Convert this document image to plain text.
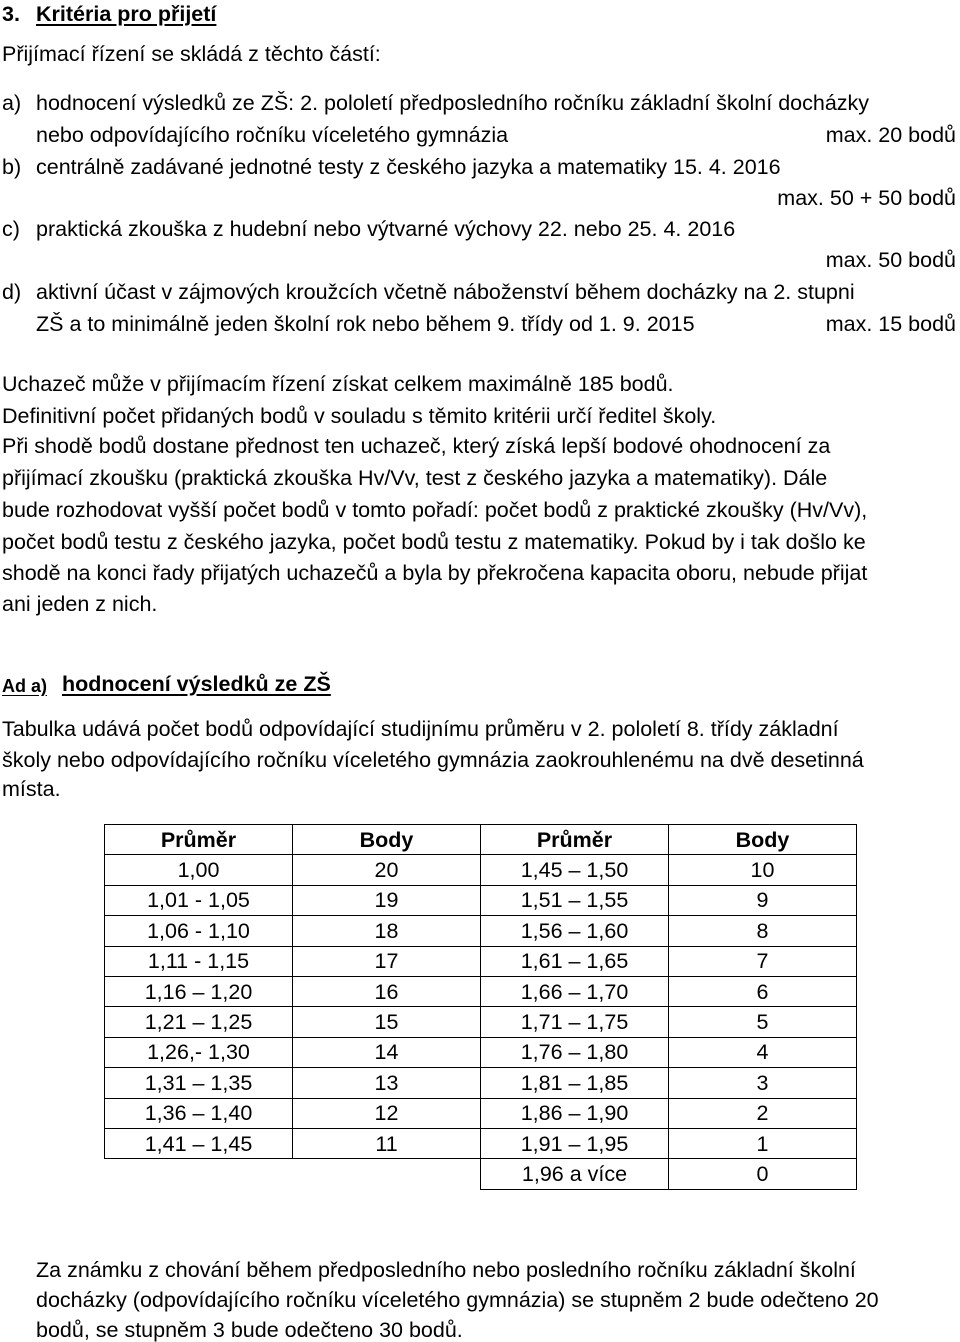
3. Kritéria pro přijetí
Přijímací řízení se skládá z těchto částí:
a) hodnocení výsledků ze ZŠ: 2. pololetí předposledního ročníku základní školní docházky
nebo odpovídajícího ročníku víceletého gymnázia	max. 20 bodů
b) centrálně zadávané jednotné testy z českého jazyka a matematiky 15. 4. 2016
max. 50 + 50 bodů
c) praktická zkouška z hudební nebo výtvarné výchovy 22. nebo 25. 4. 2016
max. 50 bodů
d) aktivní účast v zájmových kroužcích včetně náboženství během docházky na 2. stupni
ZŠ a to minimálně jeden školní rok nebo během 9. třídy od 1. 9. 2015	max. 15 bodů
Uchazeč může v přijímacím řízení získat celkem maximálně 185 bodů.
Definitivní počet přidaných bodů v souladu s těmito kritérii určí ředitel školy.
Při shodě bodů dostane přednost ten uchazeč, který získá lepší bodové ohodnocení za
přijímací zkoušku (praktická zkouška Hv/Vv, test z českého jazyka a matematiky). Dále
bude rozhodovat vyšší počet bodů v tomto pořadí: počet bodů z praktické zkoušky (Hv/Vv),
počet bodů testu z českého jazyka, počet bodů testu z matematiky. Pokud by i tak došlo ke
shodě na konci řady přijatých uchazečů a byla by překročena kapacita oboru, nebude přijat
ani jeden z nich.
Ad a) hodnocení výsledků ze ZŠ
Tabulka udává počet bodů odpovídající studijnímu průměru v 2. pololetí 8. třídy základní
školy nebo odpovídajícího ročníku víceletého gymnázia zaokrouhlenému na dvě desetinná
místa.
Průměr	Body	Průměr	Body
1,00	20	1,45 – 1,50	10
1,01 - 1,05	19	1,51 – 1,55	9
1,06 - 1,10	18	1,56 – 1,60	8
1,11 - 1,15	17	1,61 – 1,65	7
1,16 – 1,20	16	1,66 – 1,70	6
1,21 – 1,25	15	1,71 – 1,75	5
1,26,- 1,30	14	1,76 – 1,80	4
1,31 – 1,35	13	1,81 – 1,85	3
1,36 – 1,40	12	1,86 – 1,90	2
1,41 – 1,45	11	1,91 – 1,95	1
		1,96 a více	0
Za známku z chování během předposledního nebo posledního ročníku základní školní
docházky (odpovídajícího ročníku víceletého gymnázia) se stupněm 2 bude odečteno 20
bodů, se stupněm 3 bude odečteno 30 bodů.
